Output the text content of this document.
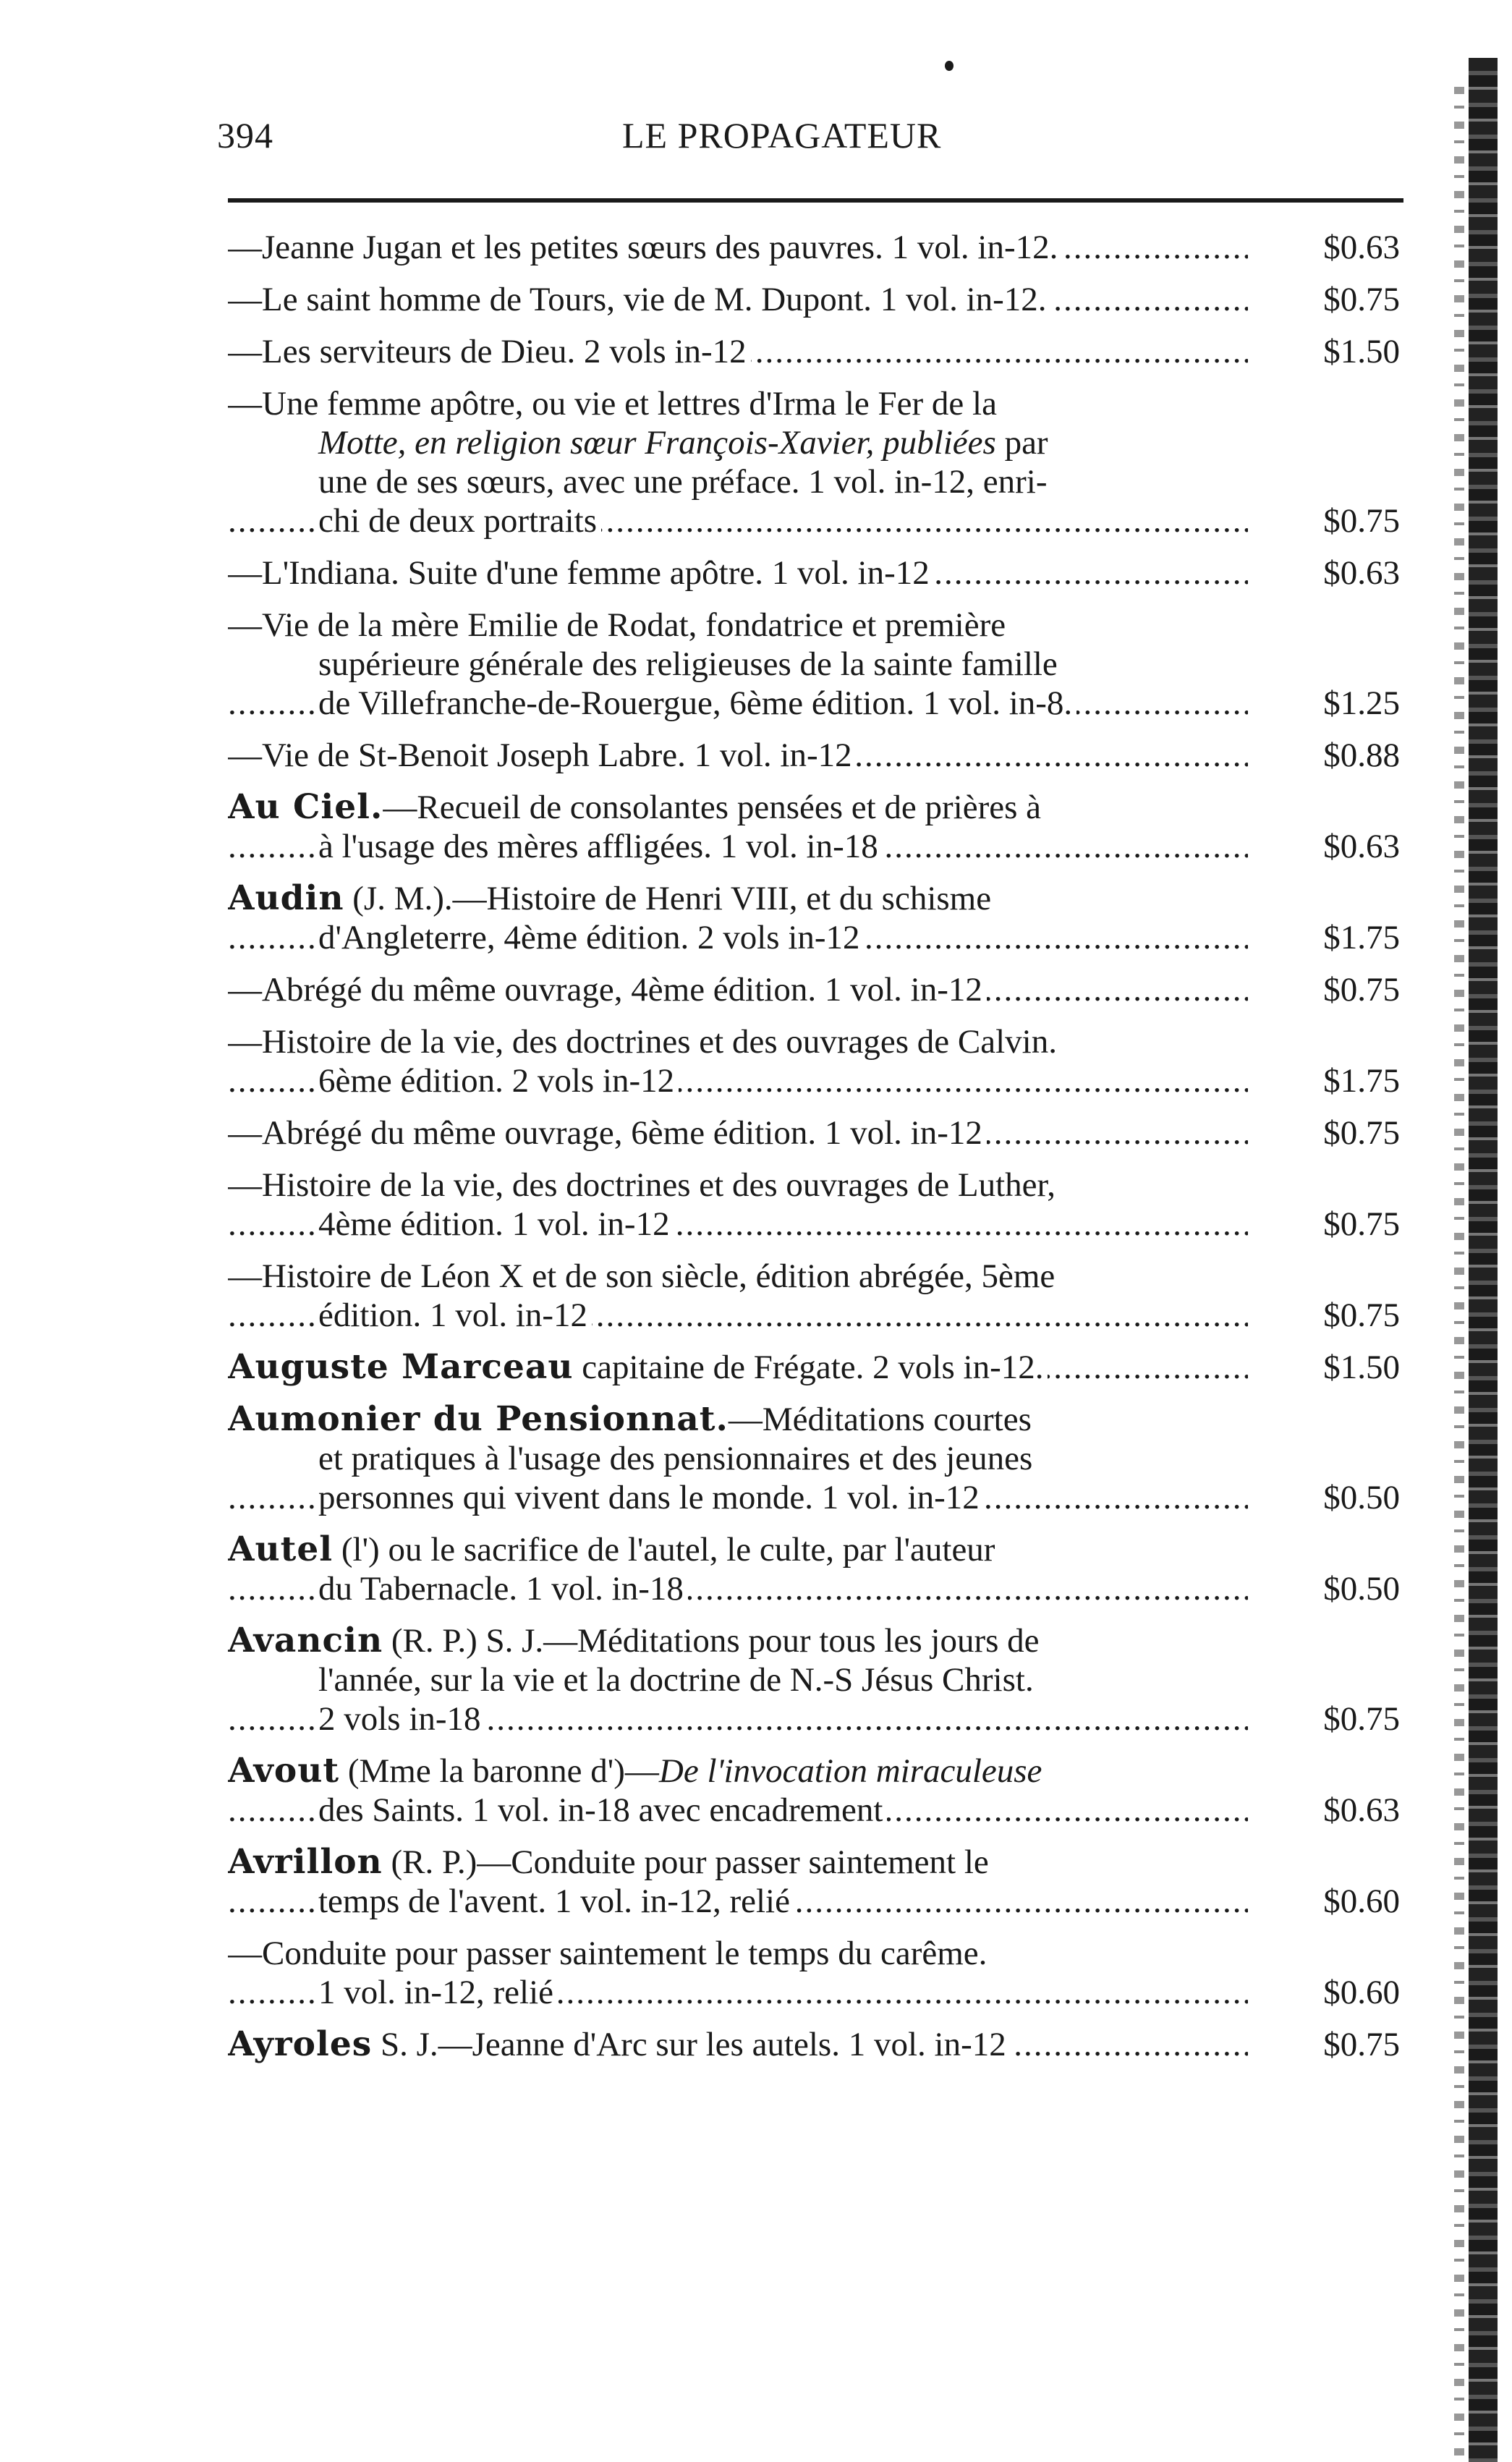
394	LE PROPAGATEUR
..... —Jeanne Jugan et les petites sœurs des pauvres. 1 vol. in-12.	$0.63
..... —Le saint homme de Tours, vie de M. Dupont. 1 vol. in-12.	$0.75
..... —Les serviteurs de Dieu. 2 vols in-12	$1.50
—Une femme apôtre, ou vie et lettres d'Irma le Fer de la
Motte, en religion sœur François-Xavier, publiées par
une de ses sœurs, avec une préface. 1 vol. in-12, enri-
..... chi de deux portraits	$0.75
..... —L'Indiana. Suite d'une femme apôtre. 1 vol. in-12	$0.63
—Vie de la mère Emilie de Rodat, fondatrice et première
supérieure générale des religieuses de la sainte famille
..... de Villefranche-de-Rouergue, 6ème édition. 1 vol. in-8.	$1.25
..... —Vie de St-Benoit Joseph Labre. 1 vol. in-12	$0.88
Au Ciel.—Recueil de consolantes pensées et de prières à
..... à l'usage des mères affligées. 1 vol. in-18	$0.63
Audin (J. M.).—Histoire de Henri VIII, et du schisme
..... d'Angleterre, 4ème édition. 2 vols in-12	$1.75
..... —Abrégé du même ouvrage, 4ème édition. 1 vol. in-12	$0.75
—Histoire de la vie, des doctrines et des ouvrages de Calvin.
..... 6ème édition. 2 vols in-12	$1.75
..... —Abrégé du même ouvrage, 6ème édition. 1 vol. in-12	$0.75
—Histoire de la vie, des doctrines et des ouvrages de Luther,
..... 4ème édition. 1 vol. in-12	$0.75
—Histoire de Léon X et de son siècle, édition abrégée, 5ème
..... édition. 1 vol. in-12	$0.75
..... Auguste Marceau capitaine de Frégate. 2 vols in-12.	$1.50
Aumonier du Pensionnat.—Méditations courtes
et pratiques à l'usage des pensionnaires et des jeunes
..... personnes qui vivent dans le monde. 1 vol. in-12	$0.50
Autel (l') ou le sacrifice de l'autel, le culte, par l'auteur
..... du Tabernacle. 1 vol. in-18	$0.50
Avancin (R. P.) S. J.—Méditations pour tous les jours de
l'année, sur la vie et la doctrine de N.-S Jésus Christ.
..... 2 vols in-18	$0.75
Avout (Mme la baronne d')—De l'invocation miraculeuse
..... des Saints. 1 vol. in-18 avec encadrement	$0.63
Avrillon (R. P.)—Conduite pour passer saintement le
..... temps de l'avent. 1 vol. in-12, relié	$0.60
—Conduite pour passer saintement le temps du carême.
..... 1 vol. in-12, relié	$0.60
..... Ayroles S. J.—Jeanne d'Arc sur les autels. 1 vol. in-12	$0.75
